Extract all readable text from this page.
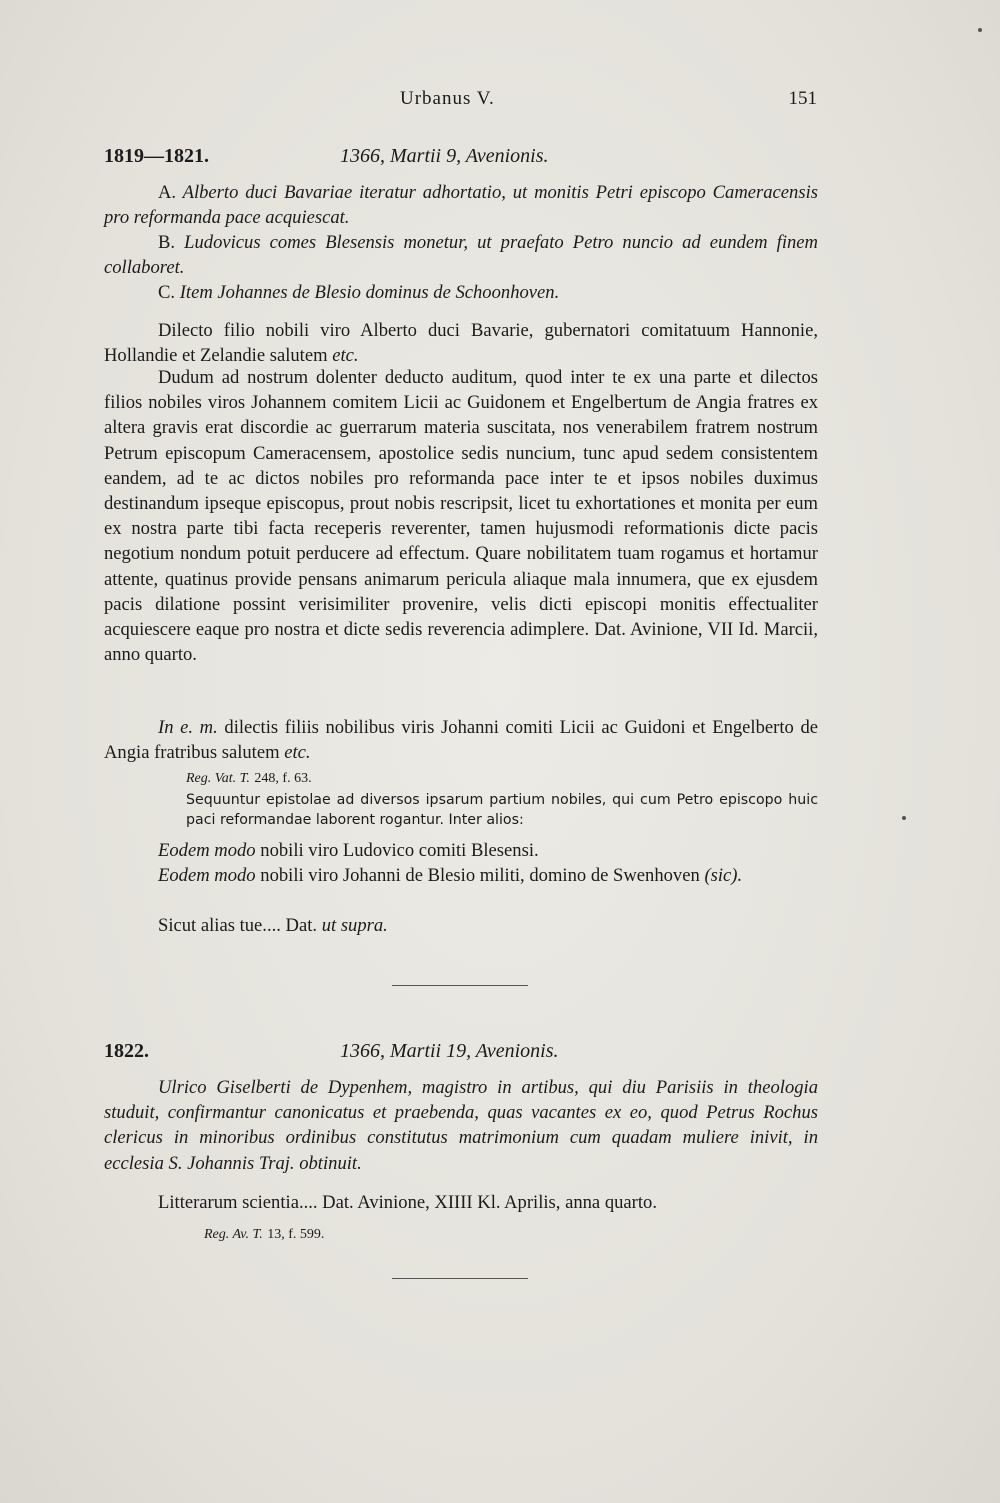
Urbanus V.	151
1819—1821.	1366, Martii 9, Avenionis.
A. Alberto duci Bavariae iteratur adhortatio, ut monitis Petri episcopo Cameracensis pro reformanda pace acquiescat.
B. Ludovicus comes Blesensis monetur, ut praefato Petro nuncio ad eundem finem collaboret.
C. Item Johannes de Blesio dominus de Schoonhoven.
Dilecto filio nobili viro Alberto duci Bavarie, gubernatori comitatuum Hannonie, Hollandie et Zelandie salutem etc.
Dudum ad nostrum dolenter deducto auditum, quod inter te ex una parte et dilectos filios nobiles viros Johannem comitem Licii ac Guidonem et Engelbertum de Angia fratres ex altera gravis erat discordie ac guerrarum materia suscitata, nos venerabilem fratrem nostrum Petrum episcopum Cameracensem, apostolice sedis nuncium, tunc apud sedem consistentem eandem, ad te ac dictos nobiles pro reformanda pace inter te et ipsos nobiles duximus destinandum ipseque episcopus, prout nobis rescripsit, licet tu exhortationes et monita per eum ex nostra parte tibi facta receperis reverenter, tamen hujusmodi reformationis dicte pacis negotium nondum potuit perducere ad effectum. Quare nobilitatem tuam rogamus et hortamur attente, quatinus provide pensans animarum pericula aliaque mala innumera, que ex ejusdem pacis dilatione possint verisimiliter provenire, velis dicti episcopi monitis effectualiter acquiescere eaque pro nostra et dicte sedis reverencia adimplere. Dat. Avinione, VII Id. Marcii, anno quarto.
In e. m. dilectis filiis nobilibus viris Johanni comiti Licii ac Guidoni et Engelberto de Angia fratribus salutem etc.
Reg. Vat. T. 248, f. 63.
Sequuntur epistolae ad diversos ipsarum partium nobiles, qui cum Petro episcopo huic paci reformandae laborent rogantur. Inter alios:
Eodem modo nobili viro Ludovico comiti Blesensi.
Eodem modo nobili viro Johanni de Blesio militi, domino de Swenhoven (sic).
Sicut alias tue.... Dat. ut supra.
1822.	1366, Martii 19, Avenionis.
Ulrico Giselberti de Dypenhem, magistro in artibus, qui diu Parisiis in theologia studuit, confirmantur canonicatus et praebenda, quas vacantes ex eo, quod Petrus Rochus clericus in minoribus ordinibus constitutus matrimonium cum quadam muliere inivit, in ecclesia S. Johannis Traj. obtinuit.
Litterarum scientia.... Dat. Avinione, XIIII Kl. Aprilis, anna quarto.
Reg. Av. T. 13, f. 599.
